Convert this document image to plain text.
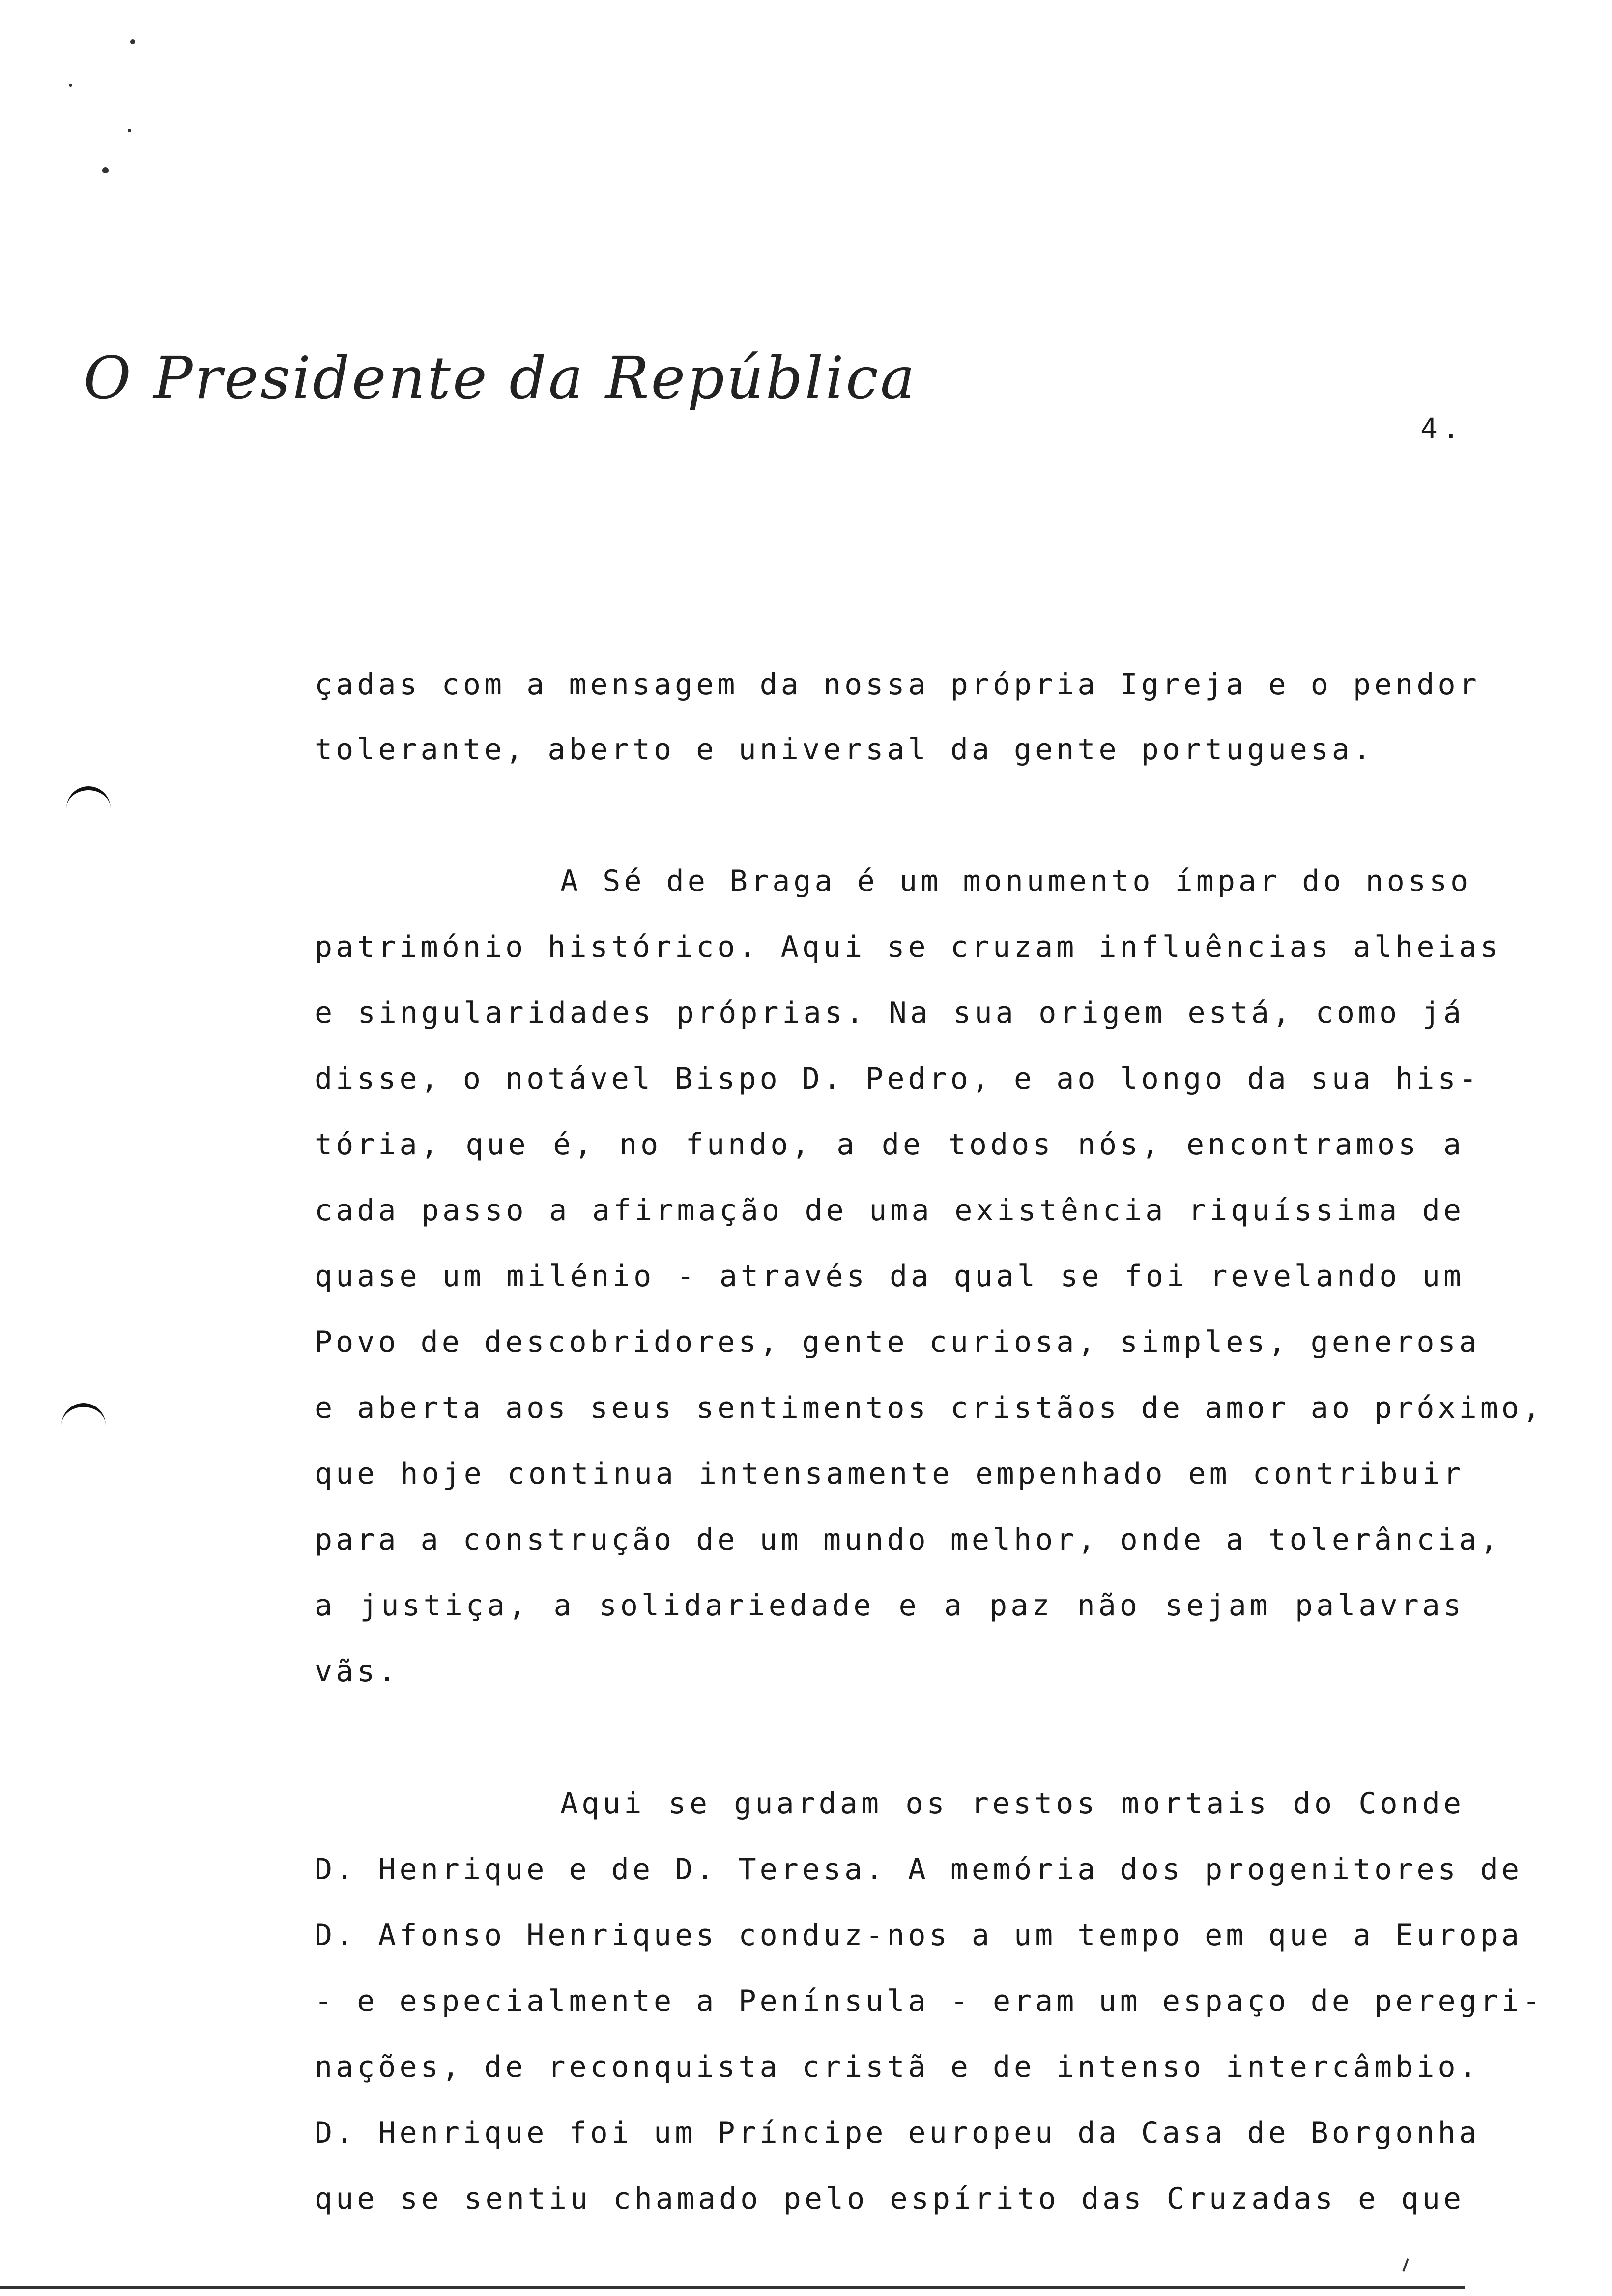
O Presidente da República
4.
çadas com a mensagem da nossa própria Igreja e o pendor
tolerante, aberto e universal da gente portuguesa.
A Sé de Braga é um monumento ímpar do nosso
património histórico. Aqui se cruzam influências alheias
e singularidades próprias. Na sua origem está, como já
disse, o notável Bispo D. Pedro, e ao longo da sua his-
tória, que é, no fundo, a de todos nós, encontramos a
cada passo a afirmação de uma existência riquíssima de
quase um milénio - através da qual se foi revelando um
Povo de descobridores, gente curiosa, simples, generosa
e aberta aos seus sentimentos cristãos de amor ao próximo,
que hoje continua intensamente empenhado em contribuir
para a construção de um mundo melhor, onde a tolerância,
a justiça, a solidariedade e a paz não sejam palavras
vãs.
Aqui se guardam os restos mortais do Conde
D. Henrique e de D. Teresa. A memória dos progenitores de
D. Afonso Henriques conduz-nos a um tempo em que a Europa
- e especialmente a Península - eram um espaço de peregri-
nações, de reconquista cristã e de intenso intercâmbio.
D. Henrique foi um Príncipe europeu da Casa de Borgonha
que se sentiu chamado pelo espírito das Cruzadas e que
